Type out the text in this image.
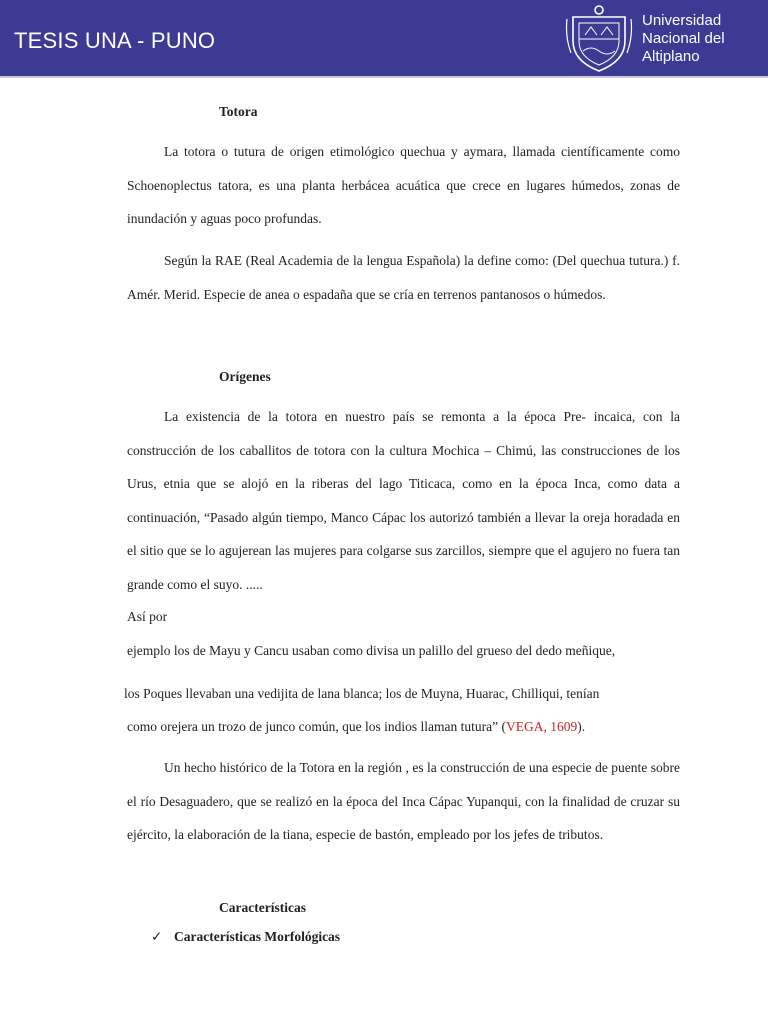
TESIS UNA - PUNO
Universidad
Nacional del
Altiplano
Totora
La totora o tutura de origen etimológico quechua y aymara, llamada científicamente como Schoenoplectus tatora, es una planta herbácea acuática que crece en lugares húmedos, zonas de inundación y aguas poco profundas.
Según la RAE (Real Academia de la lengua Española) la define como: (Del quechua tutura.) f. Amér. Merid. Especie de anea o espadaña que se cría en terrenos pantanosos o húmedos.
Orígenes
La existencia de la totora en nuestro país se remonta a la época Pre- incaica, con la construcción de los caballitos de totora con la cultura Mochica – Chimú, las construcciones de los Urus, etnia que se alojó en la riberas del lago Titicaca, como en la época Inca, como data a continuación, “Pasado algún tiempo, Manco Cápac los autorizó también a llevar la oreja horadada en el sitio que se lo agujerean las mujeres para colgarse sus zarcillos, siempre que el agujero no fuera tan grande como el suyo. .....
Así por
ejemplo los de Mayu y Cancu usaban como divisa un palillo del grueso del dedo meñique,
los Poques llevaban una vedijita de lana blanca; los de Muyna, Huarac, Chilliqui, tenían
como orejera un trozo de junco común, que los indios llaman tutura” (VEGA, 1609).
Un hecho histórico de la Totora en la región , es la construcción de una especie de puente sobre el río Desaguadero, que se realizó en la época del Inca Cápac Yupanqui, con la finalidad de cruzar su ejército, la elaboración de la tiana, especie de bastón, empleado por los jefes de tributos.
Características
✓ Características Morfológicas
